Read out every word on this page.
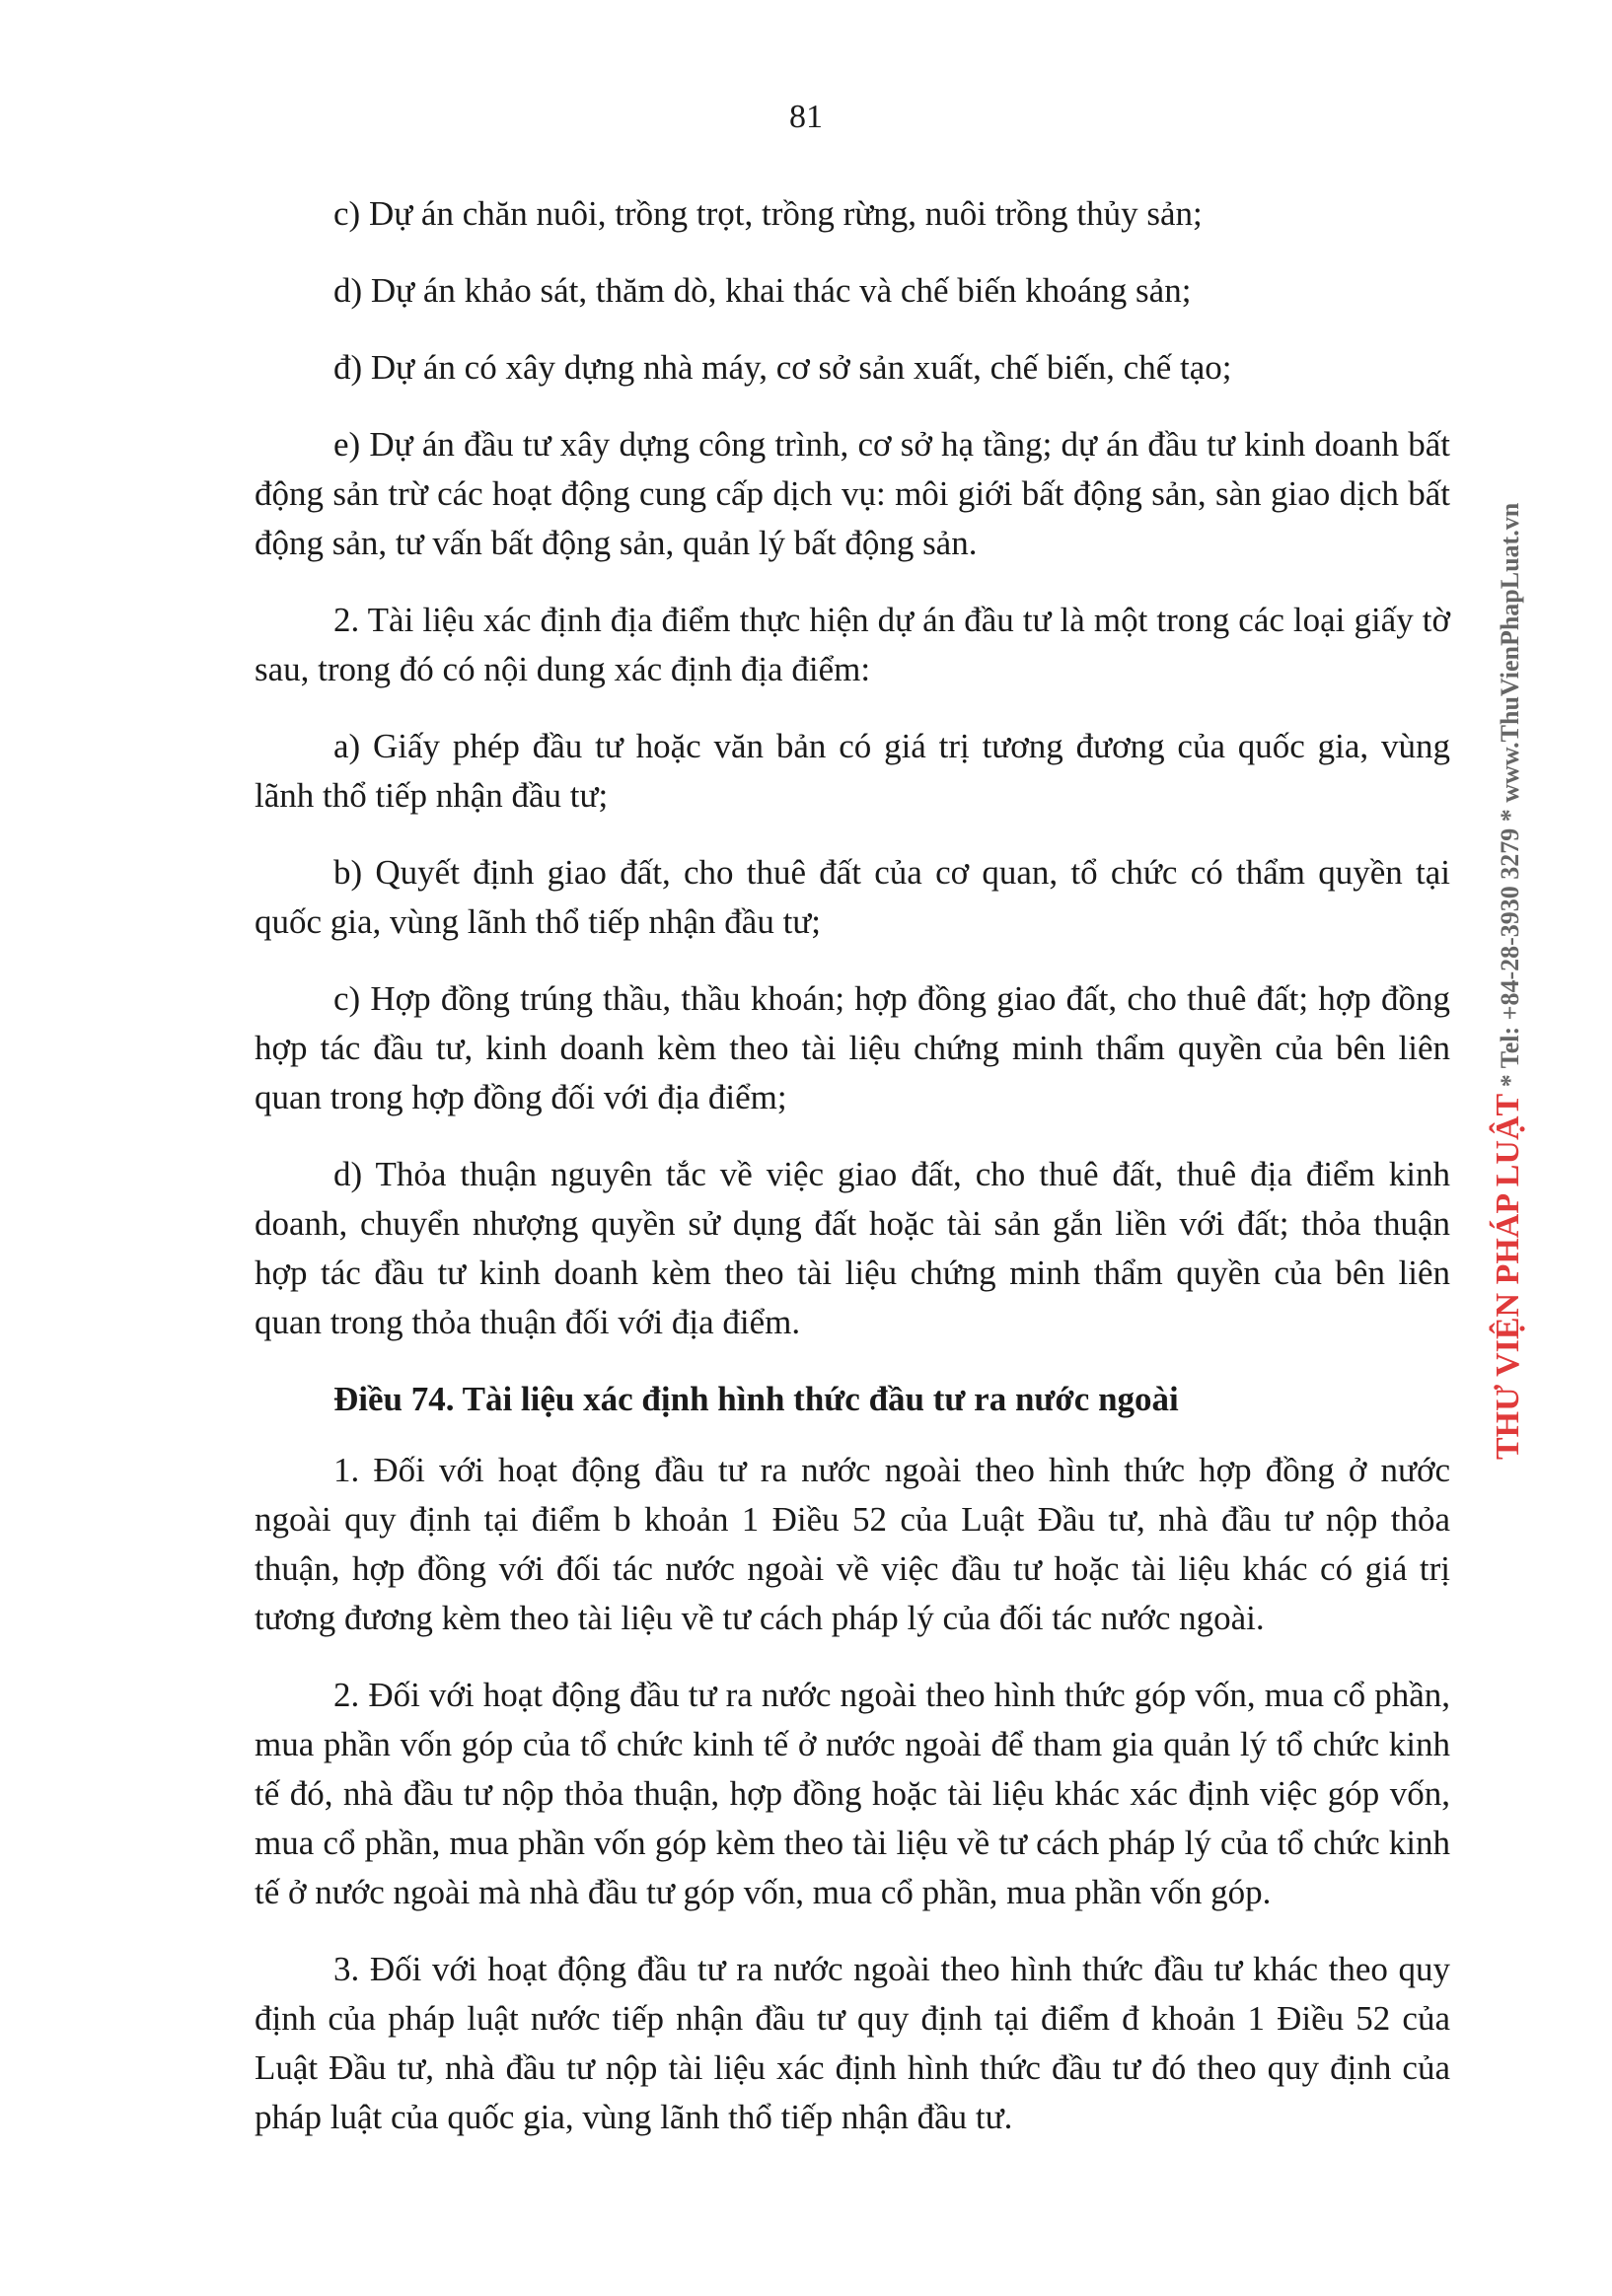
81

c) Dự án chăn nuôi, trồng trọt, trồng rừng, nuôi trồng thủy sản;

d) Dự án khảo sát, thăm dò, khai thác và chế biến khoáng sản;

đ) Dự án có xây dựng nhà máy, cơ sở sản xuất, chế biến, chế tạo;

e) Dự án đầu tư xây dựng công trình, cơ sở hạ tầng; dự án đầu tư kinh doanh bất động sản trừ các hoạt động cung cấp dịch vụ: môi giới bất động sản, sàn giao dịch bất động sản, tư vấn bất động sản, quản lý bất động sản.

2. Tài liệu xác định địa điểm thực hiện dự án đầu tư là một trong các loại giấy tờ sau, trong đó có nội dung xác định địa điểm:

a) Giấy phép đầu tư hoặc văn bản có giá trị tương đương của quốc gia, vùng lãnh thổ tiếp nhận đầu tư;

b) Quyết định giao đất, cho thuê đất của cơ quan, tổ chức có thẩm quyền tại quốc gia, vùng lãnh thổ tiếp nhận đầu tư;

c) Hợp đồng trúng thầu, thầu khoán; hợp đồng giao đất, cho thuê đất; hợp đồng hợp tác đầu tư, kinh doanh kèm theo tài liệu chứng minh thẩm quyền của bên liên quan trong hợp đồng đối với địa điểm;

d) Thỏa thuận nguyên tắc về việc giao đất, cho thuê đất, thuê địa điểm kinh doanh, chuyển nhượng quyền sử dụng đất hoặc tài sản gắn liền với đất; thỏa thuận hợp tác đầu tư kinh doanh kèm theo tài liệu chứng minh thẩm quyền của bên liên quan trong thỏa thuận đối với địa điểm.

Điều 74. Tài liệu xác định hình thức đầu tư ra nước ngoài

1. Đối với hoạt động đầu tư ra nước ngoài theo hình thức hợp đồng ở nước ngoài quy định tại điểm b khoản 1 Điều 52 của Luật Đầu tư, nhà đầu tư nộp thỏa thuận, hợp đồng với đối tác nước ngoài về việc đầu tư hoặc tài liệu khác có giá trị tương đương kèm theo tài liệu về tư cách pháp lý của đối tác nước ngoài.

2. Đối với hoạt động đầu tư ra nước ngoài theo hình thức góp vốn, mua cổ phần, mua phần vốn góp của tổ chức kinh tế ở nước ngoài để tham gia quản lý tổ chức kinh tế đó, nhà đầu tư nộp thỏa thuận, hợp đồng hoặc tài liệu khác xác định việc góp vốn, mua cổ phần, mua phần vốn góp kèm theo tài liệu về tư cách pháp lý của tổ chức kinh tế ở nước ngoài mà nhà đầu tư góp vốn, mua cổ phần, mua phần vốn góp.

3. Đối với hoạt động đầu tư ra nước ngoài theo hình thức đầu tư khác theo quy định của pháp luật nước tiếp nhận đầu tư quy định tại điểm đ khoản 1 Điều 52 của Luật Đầu tư, nhà đầu tư nộp tài liệu xác định hình thức đầu tư đó theo quy định của pháp luật của quốc gia, vùng lãnh thổ tiếp nhận đầu tư.

THƯ VIỆN PHÁP LUẬT * Tel: +84-28-3930 3279 * www.ThuVienPhapLuat.vn
